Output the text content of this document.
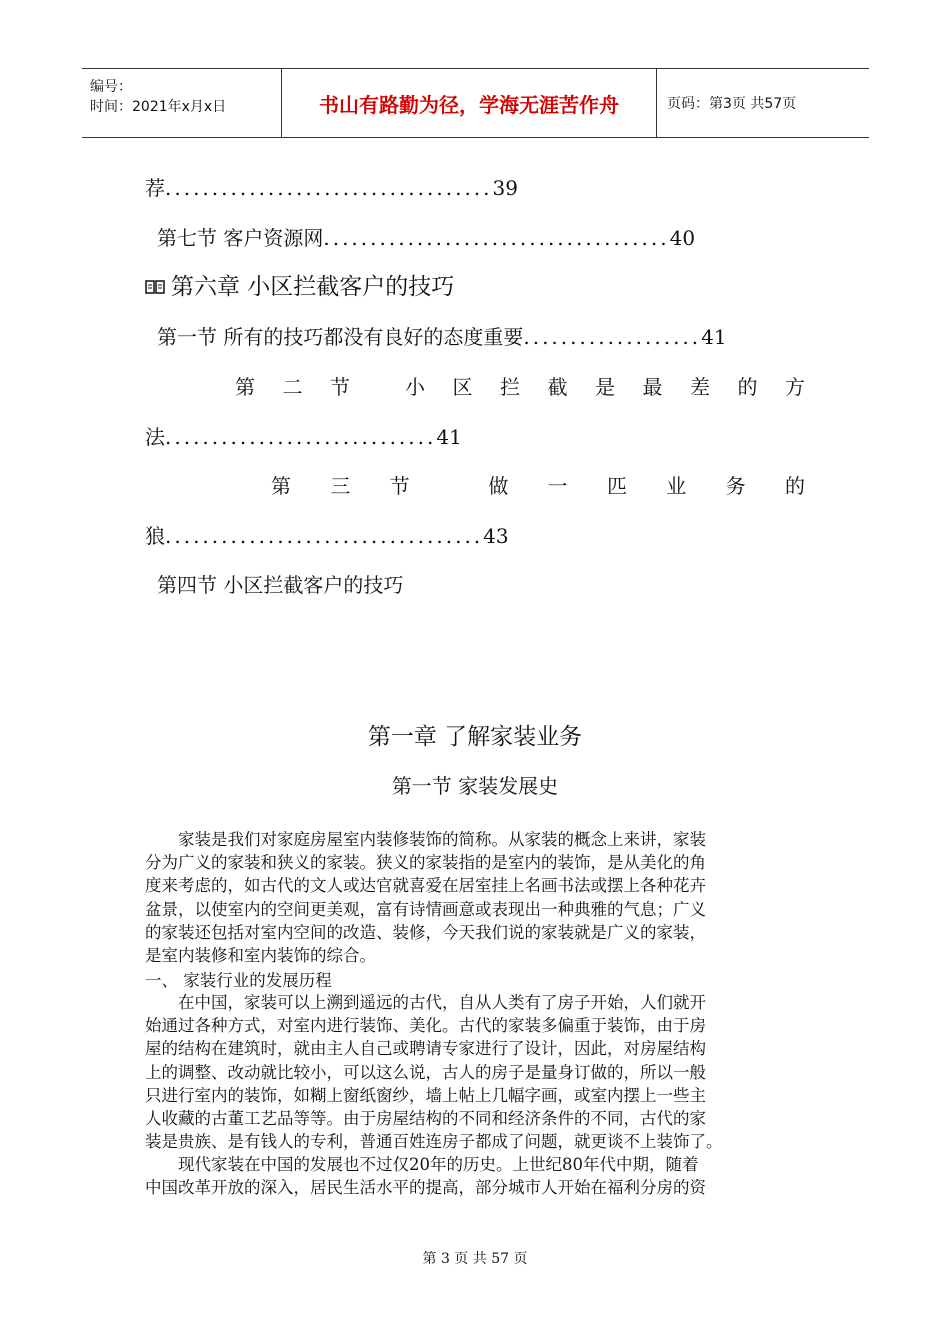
编号：
时间：2021年x月x日	书山有路勤为径，学海无涯苦作舟	页码：第3页 共57页
荐...................................39
第七节 客户资源网.....................................40
第六章 小区拦截客户的技巧
第一节 所有的技巧都没有良好的态度重要...................41
第 二 节	小 区 拦 截 是 最 差 的 方
法.............................41
第 三 节	做 一 匹 业 务 的
狼..................................43
第四节 小区拦截客户的技巧
第一章 了解家装业务
第一节 家装发展史
家装是我们对家庭房屋室内装修装饰的简称。从家装的概念上来讲，家装
分为广义的家装和狭义的家装。狭义的家装指的是室内的装饰，是从美化的角
度来考虑的，如古代的文人或达官就喜爱在居室挂上名画书法或摆上各种花卉
盆景，以使室内的空间更美观，富有诗情画意或表现出一种典雅的气息；广义
的家装还包括对室内空间的改造、装修，今天我们说的家装就是广义的家装，
是室内装修和室内装饰的综合。
一、 家装行业的发展历程
在中国，家装可以上溯到遥远的古代，自从人类有了房子开始，人们就开
始通过各种方式，对室内进行装饰、美化。古代的家装多偏重于装饰，由于房
屋的结构在建筑时，就由主人自己或聘请专家进行了设计，因此，对房屋结构
上的调整、改动就比较小，可以这么说，古人的房子是量身订做的，所以一般
只进行室内的装饰，如糊上窗纸窗纱，墙上帖上几幅字画，或室内摆上一些主
人收藏的古董工艺品等等。由于房屋结构的不同和经济条件的不同，古代的家
装是贵族、是有钱人的专利，普通百姓连房子都成了问题，就更谈不上装饰了。
现代家装在中国的发展也不过仅20年的历史。上世纪80年代中期，随着
中国改革开放的深入，居民生活水平的提高，部分城市人开始在福利分房的资
第 3 页 共 57 页
